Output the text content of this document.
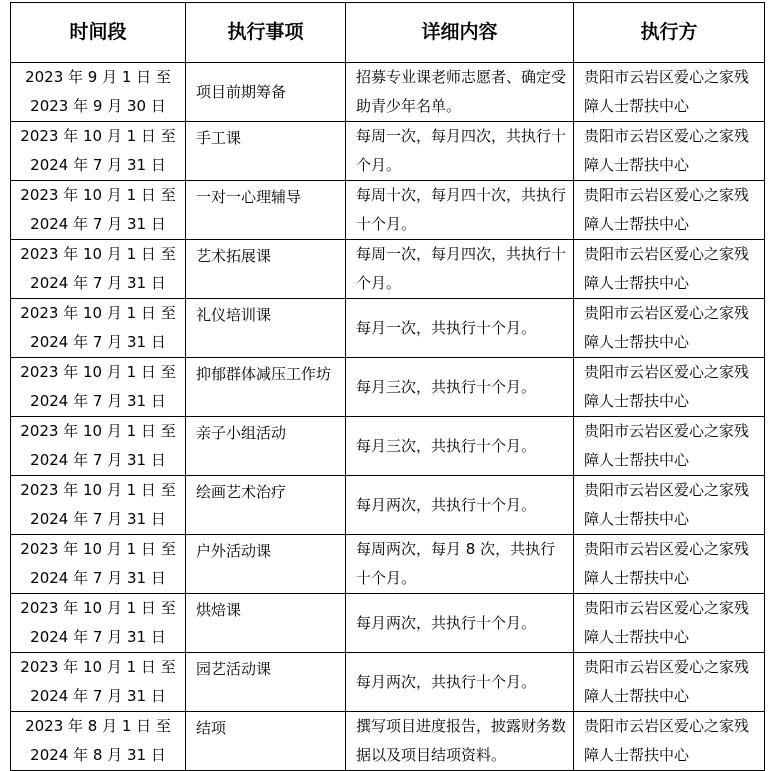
时间段	执行事项	详细内容	执行方

2023 年 9 月 1 日 至
2023 年 9 月 30 日	项目前期筹备	招募专业课老师志愿者、确定受助青少年名单。	贵阳市云岩区爱心之家残障人士帮扶中心

2023 年 10 月 1 日 至
2024 年 7 月 31 日	手工课	每周一次，每月四次，共执行十个月。	贵阳市云岩区爱心之家残障人士帮扶中心

2023 年 10 月 1 日 至
2024 年 7 月 31 日	一对一心理辅导	每周十次，每月四十次，共执行十个月。	贵阳市云岩区爱心之家残障人士帮扶中心

2023 年 10 月 1 日 至
2024 年 7 月 31 日	艺术拓展课	每周一次，每月四次，共执行十个月。	贵阳市云岩区爱心之家残障人士帮扶中心

2023 年 10 月 1 日 至
2024 年 7 月 31 日	礼仪培训课	每月一次，共执行十个月。	贵阳市云岩区爱心之家残障人士帮扶中心

2023 年 10 月 1 日 至
2024 年 7 月 31 日	抑郁群体减压工作坊	每月三次，共执行十个月。	贵阳市云岩区爱心之家残障人士帮扶中心

2023 年 10 月 1 日 至
2024 年 7 月 31 日	亲子小组活动	每月三次，共执行十个月。	贵阳市云岩区爱心之家残障人士帮扶中心

2023 年 10 月 1 日 至
2024 年 7 月 31 日	绘画艺术治疗	每月两次，共执行十个月。	贵阳市云岩区爱心之家残障人士帮扶中心

2023 年 10 月 1 日 至
2024 年 7 月 31 日	户外活动课	每周两次，每月 8 次，共执行十个月。	贵阳市云岩区爱心之家残障人士帮扶中心

2023 年 10 月 1 日 至
2024 年 7 月 31 日	烘焙课	每月两次，共执行十个月。	贵阳市云岩区爱心之家残障人士帮扶中心

2023 年 10 月 1 日 至
2024 年 7 月 31 日	园艺活动课	每月两次，共执行十个月。	贵阳市云岩区爱心之家残障人士帮扶中心

2023 年 8 月 1 日 至
2024 年 8 月 31 日	结项	撰写项目进度报告，披露财务数据以及项目结项资料。	贵阳市云岩区爱心之家残障人士帮扶中心
